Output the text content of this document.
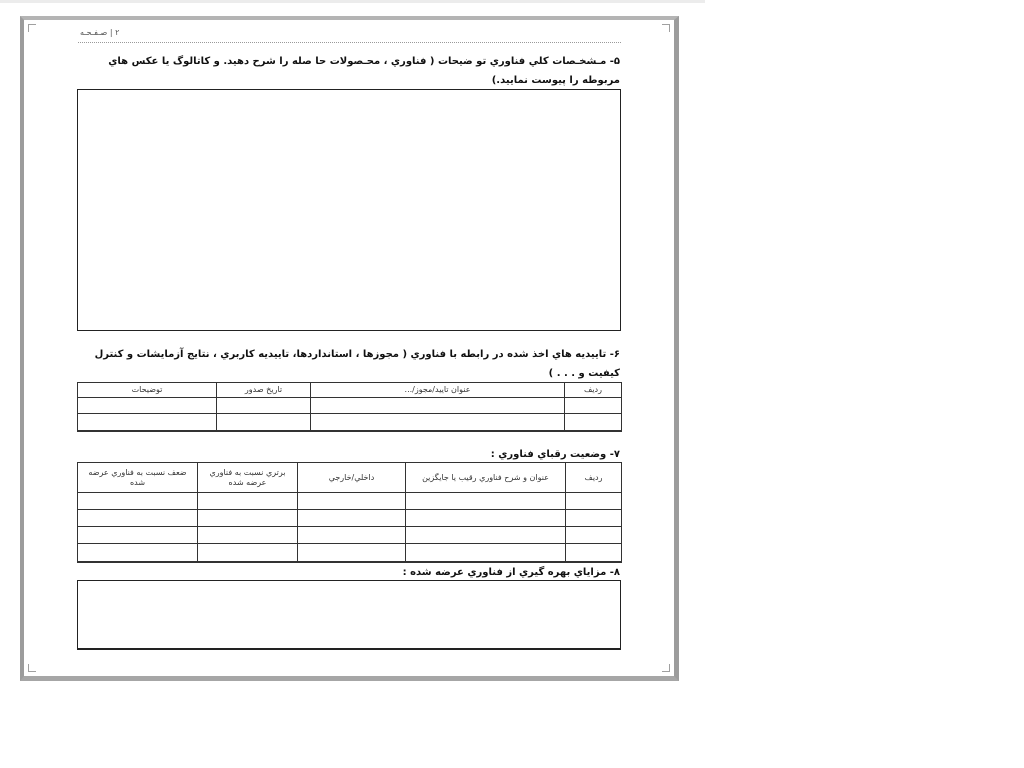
۲ | صـفـحـه
۵- مـشخـصات كلي فناوري تو ضيحات ( فناوري ، محـصولات حا صله را شرح دهيد. و كاتالوگ يا عكس هاي مربوطه را پيوست نماييد.)
۶- تاييديه هاي اخذ شده در رابطه با فناوري ( مجوزها ، استانداردها، تاييديه كاربري ، نتايج آزمايشات و كنترل كيفيت و . . . )
رديف	عنوان تاييد/مجوز/...	تاريخ صدور	توضيحات

۷- وضعيت رقباي فناوري :
رديف	عنوان و شرح فناوري رقيب يا جايگزين	داخلي/خارجي	برتري نسبت به فناوري عرضه شده	ضعف نسبت به فناوري عرضه شده

۸- مزاياي بهره گيري از فناوري عرضه شده :
